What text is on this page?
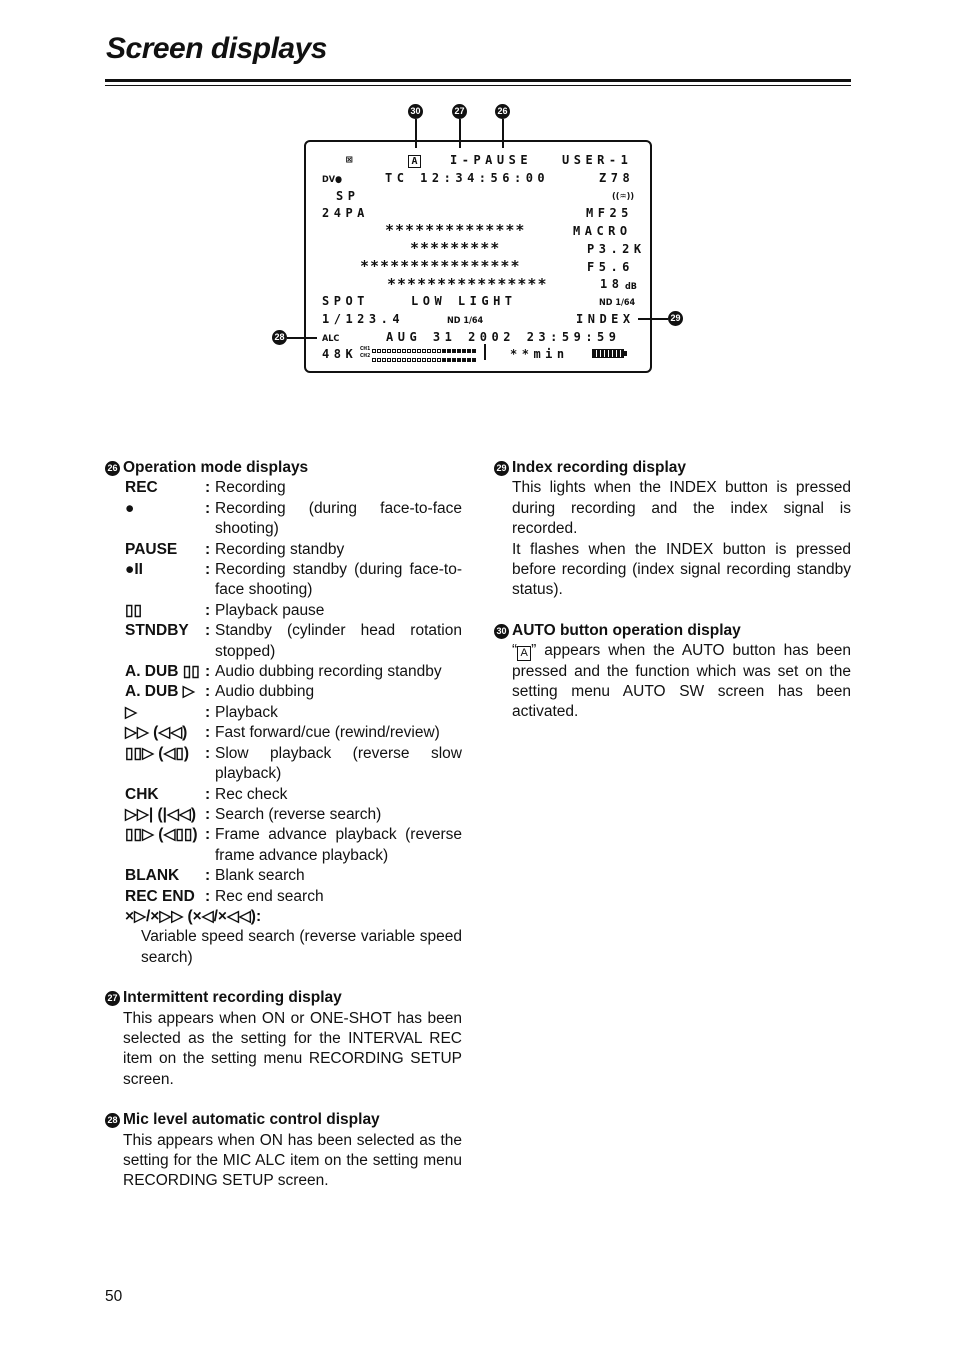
Screen displays
30	27	26
29
28
⊠	A	I-PAUSE USER-1
DV●	TC 12:34:56:00	Z78
SP	((♒))
24PA	MF25
**************	MACRO
*********	P3.2K
****************	F5.6
****************	18 dB
SPOT	LOW LIGHT	ND 1/64
1/123.4	ND 1/64	INDEX
ALC	AUG 31 2002 23:59:59
48K CH1
CH2	**min
26 Operation mode displays
REC	: Recording
●	: Recording (during face-to-face shooting)
PAUSE	: Recording standby
●II	: Recording standby (during face-to-face shooting)
▯▯	: Playback pause
STNDBY	: Standby (cylinder head rotation stopped)
A. DUB ▯▯ : Audio dubbing recording standby
A. DUB ▷ : Audio dubbing
▷	: Playback
▷▷ (◁◁)	: Fast forward/cue (rewind/review)
▯▯▷ (◁▯)	: Slow playback (reverse slow playback)
CHK	: Rec check
▷▷| (|◁◁) : Search (reverse search)
▯▯▷ (◁▯▯) : Frame advance playback (reverse frame advance playback)
BLANK	: Blank search
REC END : Rec end search
×▷/×▷▷ (×◁/×◁◁):
Variable speed search (reverse variable speed search)
27 Intermittent recording display
This appears when ON or ONE-SHOT has been selected as the setting for the INTERVAL REC item on the setting menu RECORDING SETUP screen.
28 Mic level automatic control display
This appears when ON has been selected as the setting for the MIC ALC item on the setting menu RECORDING SETUP screen.
29 Index recording display
This lights when the INDEX button is pressed during recording and the index signal is recorded.
It flashes when the INDEX button is pressed before recording (index signal recording standby status).
30 AUTO button operation display
“ A ” appears when the AUTO button has been pressed and the function which was set on the setting menu AUTO SW screen has been activated.
50
